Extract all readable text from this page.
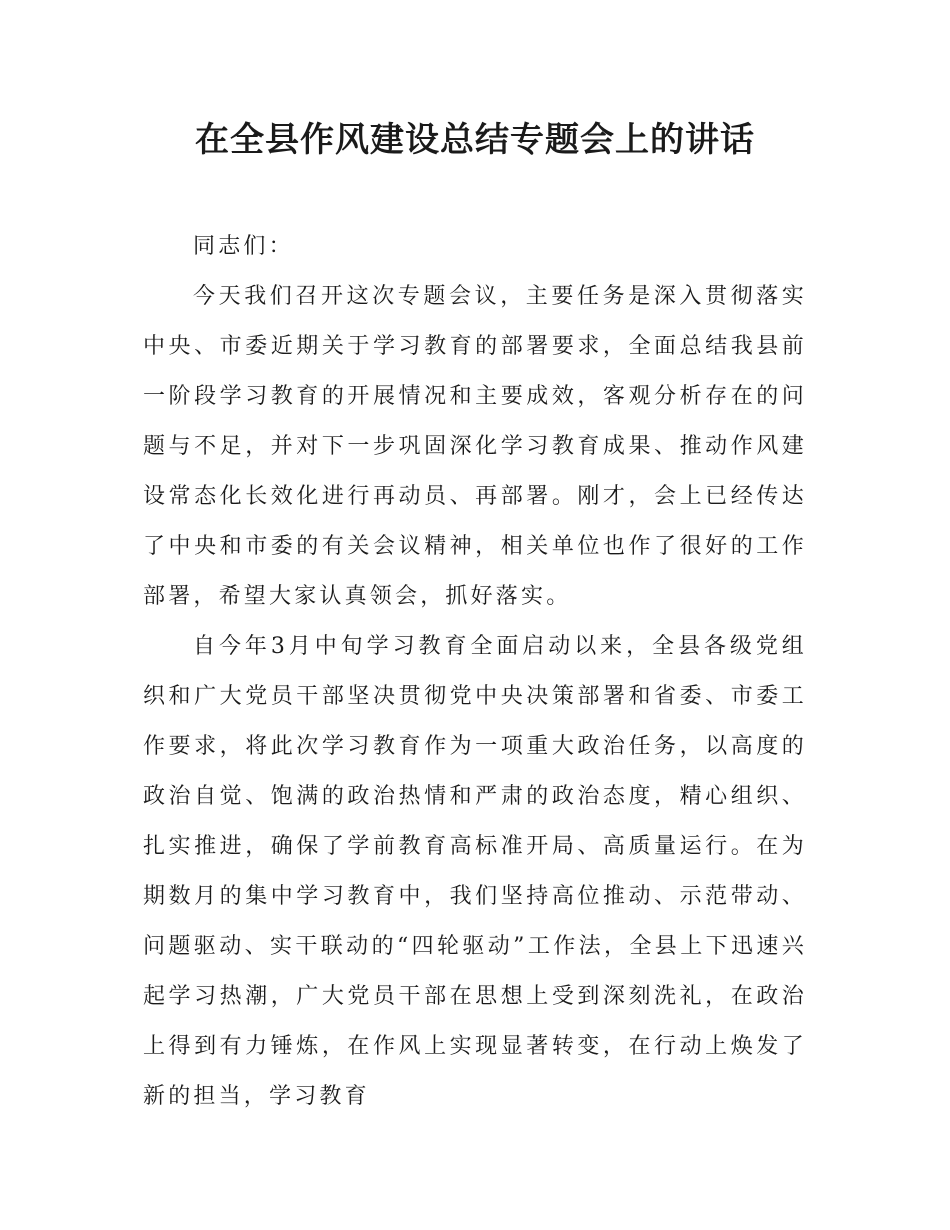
在全县作风建设总结专题会上的讲话

同志们：

今天我们召开这次专题会议，主要任务是深入贯彻落实中央、市委近期关于学习教育的部署要求，全面总结我县前一阶段学习教育的开展情况和主要成效，客观分析存在的问题与不足，并对下一步巩固深化学习教育成果、推动作风建设常态化长效化进行再动员、再部署。刚才，会上已经传达了中央和市委的有关会议精神，相关单位也作了很好的工作部署，希望大家认真领会，抓好落实。

自今年3月中旬学习教育全面启动以来，全县各级党组织和广大党员干部坚决贯彻党中央决策部署和省委、市委工作要求，将此次学习教育作为一项重大政治任务，以高度的政治自觉、饱满的政治热情和严肃的政治态度，精心组织、扎实推进，确保了学前教育高标准开局、高质量运行。在为期数月的集中学习教育中，我们坚持高位推动、示范带动、问题驱动、实干联动的“四轮驱动”工作法，全县上下迅速兴起学习热潮，广大党员干部在思想上受到深刻洗礼，在政治上得到有力锤炼，在作风上实现显著转变，在行动上焕发了新的担当，学习教育
